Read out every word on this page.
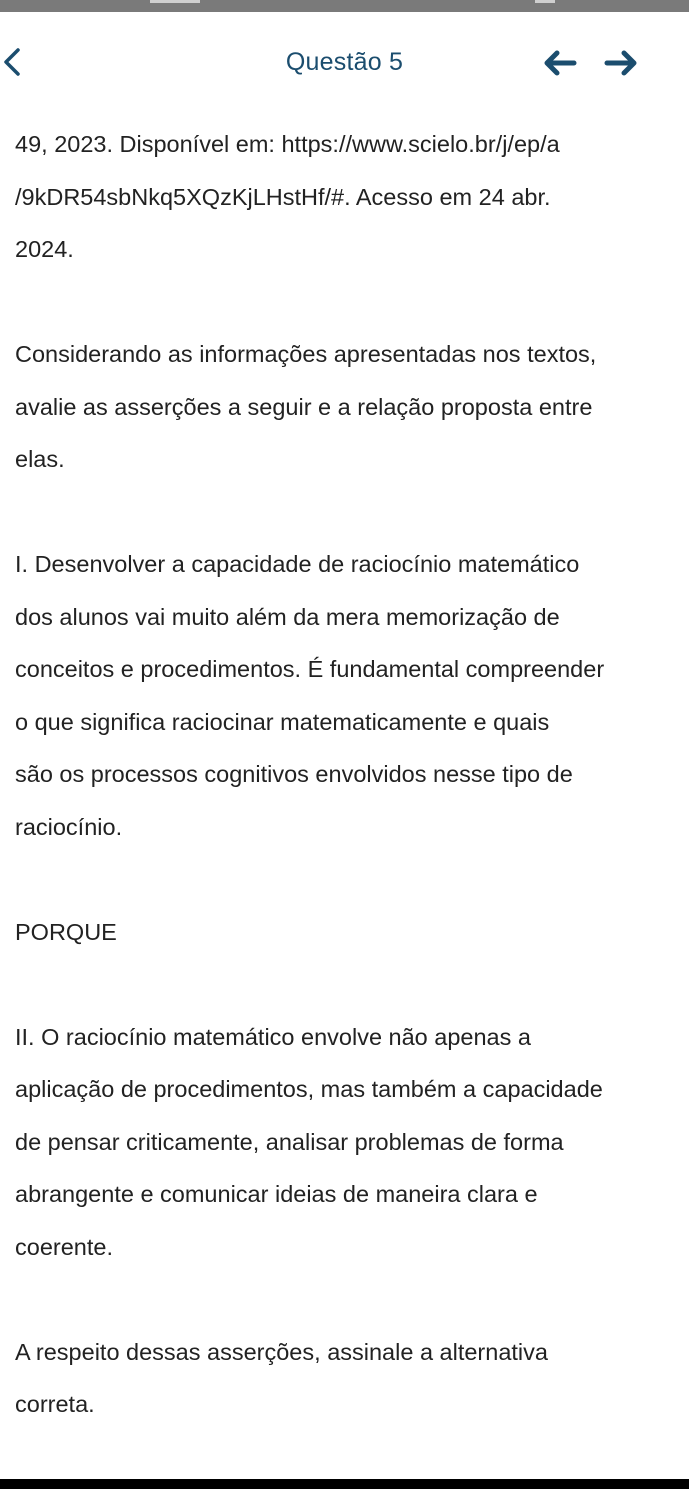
Questão 5

49, 2023. Disponível em: https://www.scielo.br/j/ep/a

/9kDR54sbNkq5XQzKjLHstHf/#. Acesso em 24 abr.

2024.

Considerando as informações apresentadas nos textos,

avalie as asserções a seguir e a relação proposta entre

elas.

I. Desenvolver a capacidade de raciocínio matemático

dos alunos vai muito além da mera memorização de

conceitos e procedimentos. É fundamental compreender

o que significa raciocinar matematicamente e quais

são os processos cognitivos envolvidos nesse tipo de

raciocínio.

PORQUE

II. O raciocínio matemático envolve não apenas a

aplicação de procedimentos, mas também a capacidade

de pensar criticamente, analisar problemas de forma

abrangente e comunicar ideias de maneira clara e

coerente.

A respeito dessas asserções, assinale a alternativa

correta.
